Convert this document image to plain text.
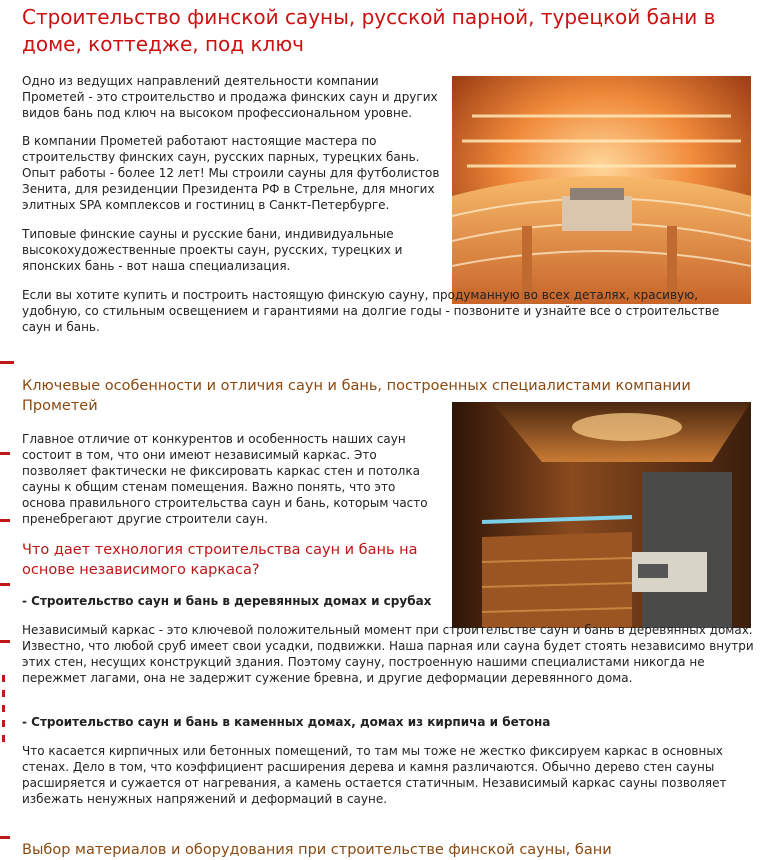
Строительство финской сауны, русской парной, турецкой бани в доме, коттедже, под ключ

Одно из ведущих направлений деятельности компании Прометей - это строительство и продажа финских саун и других видов бань под ключ на высоком профессиональном уровне.

В компании Прометей работают настоящие мастера по строительству финских саун, русских парных, турецких бань. Опыт работы - более 12 лет! Мы строили сауны для футболистов Зенита, для резиденции Президента РФ в Стрельне, для многих элитных SPA комплексов и гостиниц в Санкт-Петербурге.

Типовые финские сауны и русские бани, индивидуальные высокохудожественные проекты саун, русских, турецких и японских бань - вот наша специализация.

Если вы хотите купить и построить настоящую финскую сауну, продуманную во всех деталях, красивую, удобную, со стильным освещением и гарантиями на долгие годы - позвоните и узнайте все о строительстве саун и бань.

Ключевые особенности и отличия саун и бань, построенных специалистами компании Прометей

Главное отличие от конкурентов и особенность наших саун состоит в том, что они имеют независимый каркас. Это позволяет фактически не фиксировать каркас стен и потолка сауны к общим стенам помещения. Важно понять, что это основа правильного строительства саун и бань, которым часто пренебрегают другие строители саун.

Что дает технология строительства саун и бань на основе независимого каркаса?

- Строительство саун и бань в деревянных домах и срубах

Независимый каркас - это ключевой положительный момент при строительстве саун и бань в деревянных домах. Известно, что любой сруб имеет свои усадки, подвижки. Наша парная или сауна будет стоять независимо внутри этих стен, несущих конструкций здания. Поэтому сауну, построенную нашими специалистами никогда не пережмет лагами, она не задержит сужение бревна, и другие деформации деревянного дома.

- Строительство саун и бань в каменных домах, домах из кирпича и бетона

Что касается кирпичных или бетонных помещений, то там мы тоже не жестко фиксируем каркас в основных стенах. Дело в том, что коэффициент расширения дерева и камня различаются. Обычно дерево стен сауны расширяется и сужается от нагревания, а камень остается статичным. Независимый каркас сауны позволяет избежать ненужных напряжений и деформаций в сауне.

Выбор материалов и оборудования при строительстве финской сауны, бани
